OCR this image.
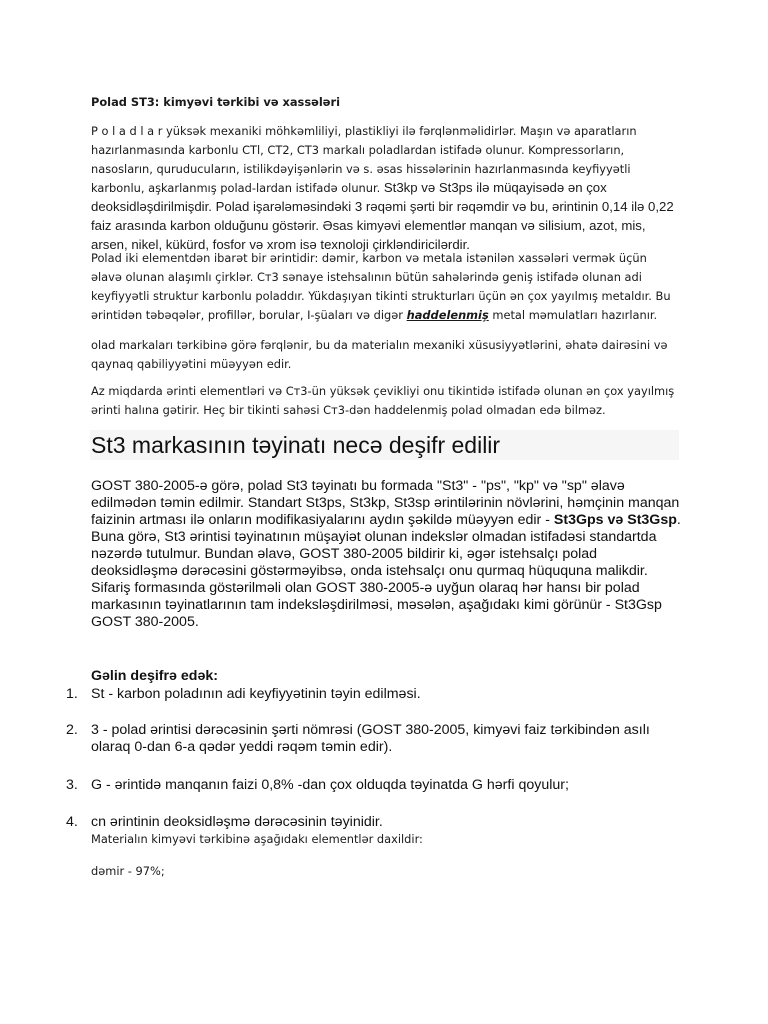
Polad ST3: kimyəvi tərkibi və xassələri

P o l a d l a r yüksək mexaniki möhkəmliliyi, plastikliyi ilə fərqlənməlidirlər. Maşın və aparatların hazırlanmasında karbonlu CTl, CT2, CT3 markalı poladlardan istifadə olunur. Kompressorların, nasosların, quruducuların, istilikdəyişənlərin və s. əsas hissələrinin hazırlanmasında keyfiyyətli karbonlu, aşkarlanmış polad-lardan istifadə olunur. St3kp və St3ps ilə müqayisədə ən çox deoksidləşdirilmişdir. Polad işarələməsindəki 3 rəqəmi şərti bir rəqəmdir və bu, ərintinin 0,14 ilə 0,22 faiz arasında karbon olduğunu göstərir. Əsas kimyəvi elementlər manqan və silisium, azot, mis, arsen, nikel, kükürd, fosfor və xrom isə texnoloji çirkləndiricilərdir.

Polad iki elementdən ibarət bir ərintidir: dəmir, karbon və metala istənilən xassələri vermək üçün əlavə olunan alaşımlı çirklər. Ст3 sənaye istehsalının bütün sahələrində geniş istifadə olunan adi keyfiyyətli struktur karbonlu poladdır. Yükdaşıyan tikinti strukturları üçün ən çox yayılmış metaldır. Bu ərintidən təbəqələr, profillər, borular, I-şüaları və digər haddelenmiş metal məmulatları hazırlanır.

olad markaları tərkibinə görə fərqlənir, bu da materialın mexaniki xüsusiyyətlərini, əhatə dairəsini və qaynaq qabiliyyətini müəyyən edir.

Az miqdarda ərinti elementləri və Ст3-ün yüksək çevikliyi onu tikintidə istifadə olunan ən çox yayılmış ərinti halına gətirir. Heç bir tikinti sahəsi Ст3-dən haddelenmiş polad olmadan edə bilməz.

St3 markasının təyinatı necə deşifr edilir
GOST 380-2005-ə görə, polad St3 təyinatı bu formada "St3" - "ps", "kp" və "sp" əlavə edilmədən təmin edilmir. Standart St3ps, St3kp, St3sp ərintilərinin növlərini, həmçinin manqan faizinin artması ilə onların modifikasiyalarını aydın şəkildə müəyyən edir - St3Gps və St3Gsp. Buna görə, St3 ərintisi təyinatının müşayiət olunan indekslər olmadan istifadəsi standartda nəzərdə tutulmur. Bundan əlavə, GOST 380-2005 bildirir ki, əgər istehsalçı polad deoksidləşmə dərəcəsini göstərməyibsə, onda istehsalçı onu qurmaq hüququna malikdir.
Sifariş formasında göstərilməli olan GOST 380-2005-ə uyğun olaraq hər hansı bir polad markasının təyinatlarının tam indeksləşdirilməsi, məsələn, aşağıdakı kimi görünür - St3Gsp GOST 380-2005.
Gəlin deşifrə edək:
1. St - karbon poladının adi keyfiyyətinin təyin edilməsi.
2. 3 - polad ərintisi dərəcəsinin şərti nömrəsi (GOST 380-2005, kimyəvi faiz tərkibindən asılı olaraq 0-dan 6-a qədər yeddi rəqəm təmin edir).
3. G - ərintidə manqanın faizi 0,8% -dan çox olduqda təyinatda G hərfi qoyulur;
4. cn ərintinin deoksidləşmə dərəcəsinin təyinidir.
Materialın kimyəvi tərkibinə aşağıdakı elementlər daxildir:
dəmir - 97%;
